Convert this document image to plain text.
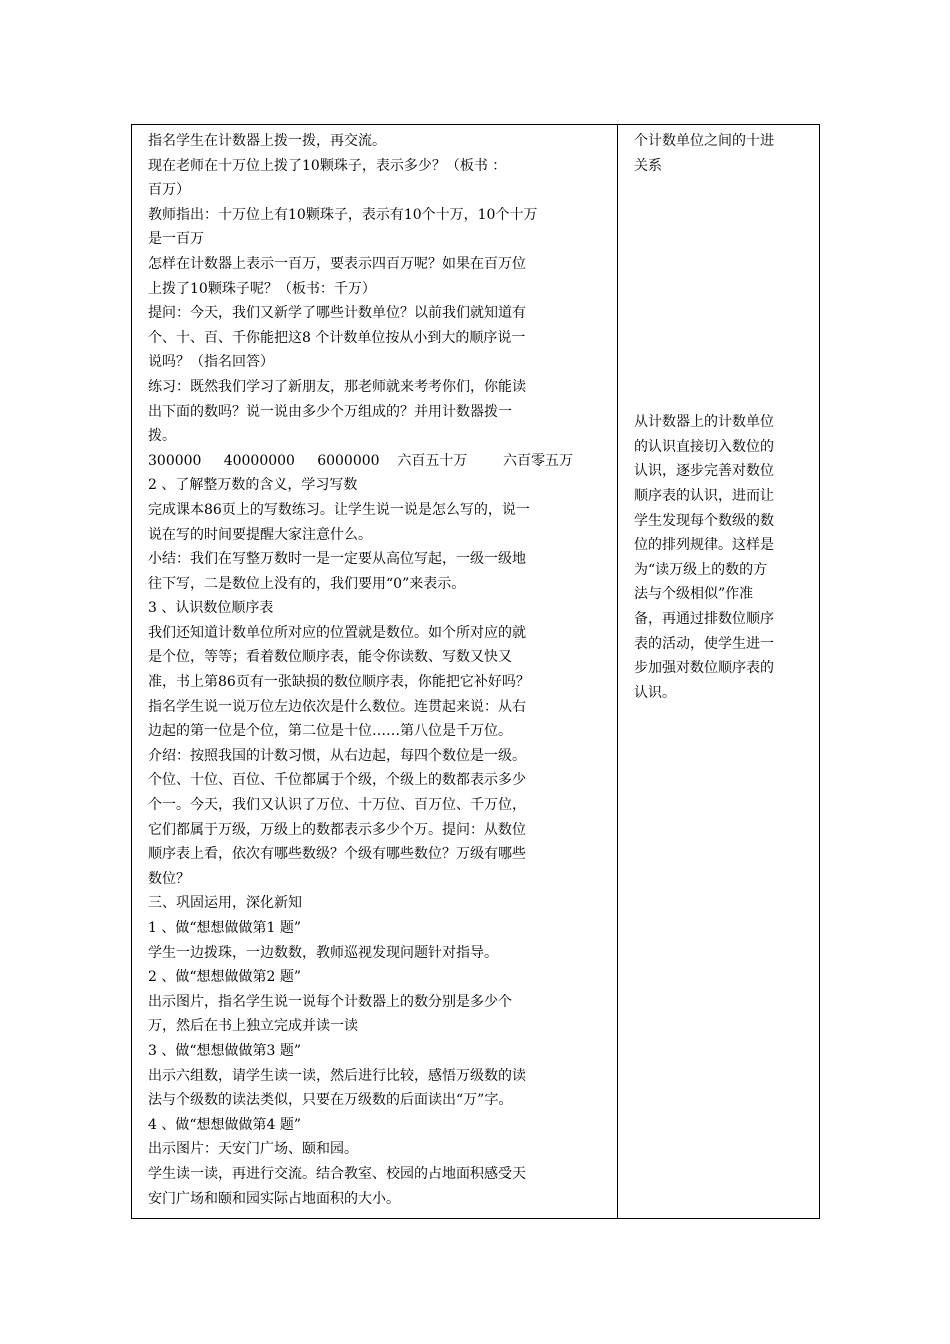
指名学生在计数器上拨一拨，再交流。
现在老师在十万位上拨了10颗珠子，表示多少？（板书 ：
百万）
教师指出：十万位上有10颗珠子，表示有10个十万，10个十万
是一百万
怎样在计数器上表示一百万，要表示四百万呢？如果在百万位
上拨了10颗珠子呢？（板书：千万）
提问：今天，我们又新学了哪些计数单位？以前我们就知道有
个、十、百、千你能把这8 个计数单位按从小到大的顺序说一
说吗？（指名回答）
练习：既然我们学习了新朋友，那老师就来考考你们，你能读
出下面的数吗？说一说由多少个万组成的？并用计数器拨一
拨。
300000     40000000     6000000    六百五十万        六百零五万
2 、了解整万数的含义，学习写数
完成课本86页上的写数练习。让学生说一说是怎么写的，说一
说在写的时间要提醒大家注意什么。
小结：我们在写整万数时一是一定要从高位写起，一级一级地
往下写，二是数位上没有的，我们要用“0”来表示。
3 、认识数位顺序表
我们还知道计数单位所对应的位置就是数位。如个所对应的就
是个位，等等；看着数位顺序表，能令你读数、写数又快又
准，书上第86页有一张缺损的数位顺序表，你能把它补好吗？
指名学生说一说万位左边依次是什么数位。连贯起来说：从右
边起的第一位是个位，第二位是十位……第八位是千万位。
介绍：按照我国的计数习惯，从右边起，每四个数位是一级。
个位、十位、百位、千位都属于个级，个级上的数都表示多少
个一。今天，我们又认识了万位、十万位、百万位、千万位，
它们都属于万级，万级上的数都表示多少个万。提问：从数位
顺序表上看，依次有哪些数级？个级有哪些数位？万级有哪些
数位？
三、巩固运用，深化新知
1 、做“想想做做第1 题”
学生一边拨珠，一边数数，教师巡视发现问题针对指导。
2 、做“想想做做第2 题”
出示图片，指名学生说一说每个计数器上的数分别是多少个
万，然后在书上独立完成并读一读
3 、做“想想做做第3 题”
出示六组数，请学生读一读，然后进行比较，感悟万级数的读
法与个级数的读法类似，只要在万级数的后面读出“万”字。
4 、做“想想做做第4 题”
出示图片：天安门广场、颐和园。
学生读一读，再进行交流。结合教室、校园的占地面积感受天
安门广场和颐和园实际占地面积的大小。
个计数单位之间的十进
关系
从计数器上的计数单位
的认识直接切入数位的
认识，逐步完善对数位
顺序表的认识，进而让
学生发现每个数级的数
位的排列规律。这样是
为“读万级上的数的方
法与个级相似”作准
备，再通过排数位顺序
表的活动，使学生进一
步加强对数位顺序表的
认识。
